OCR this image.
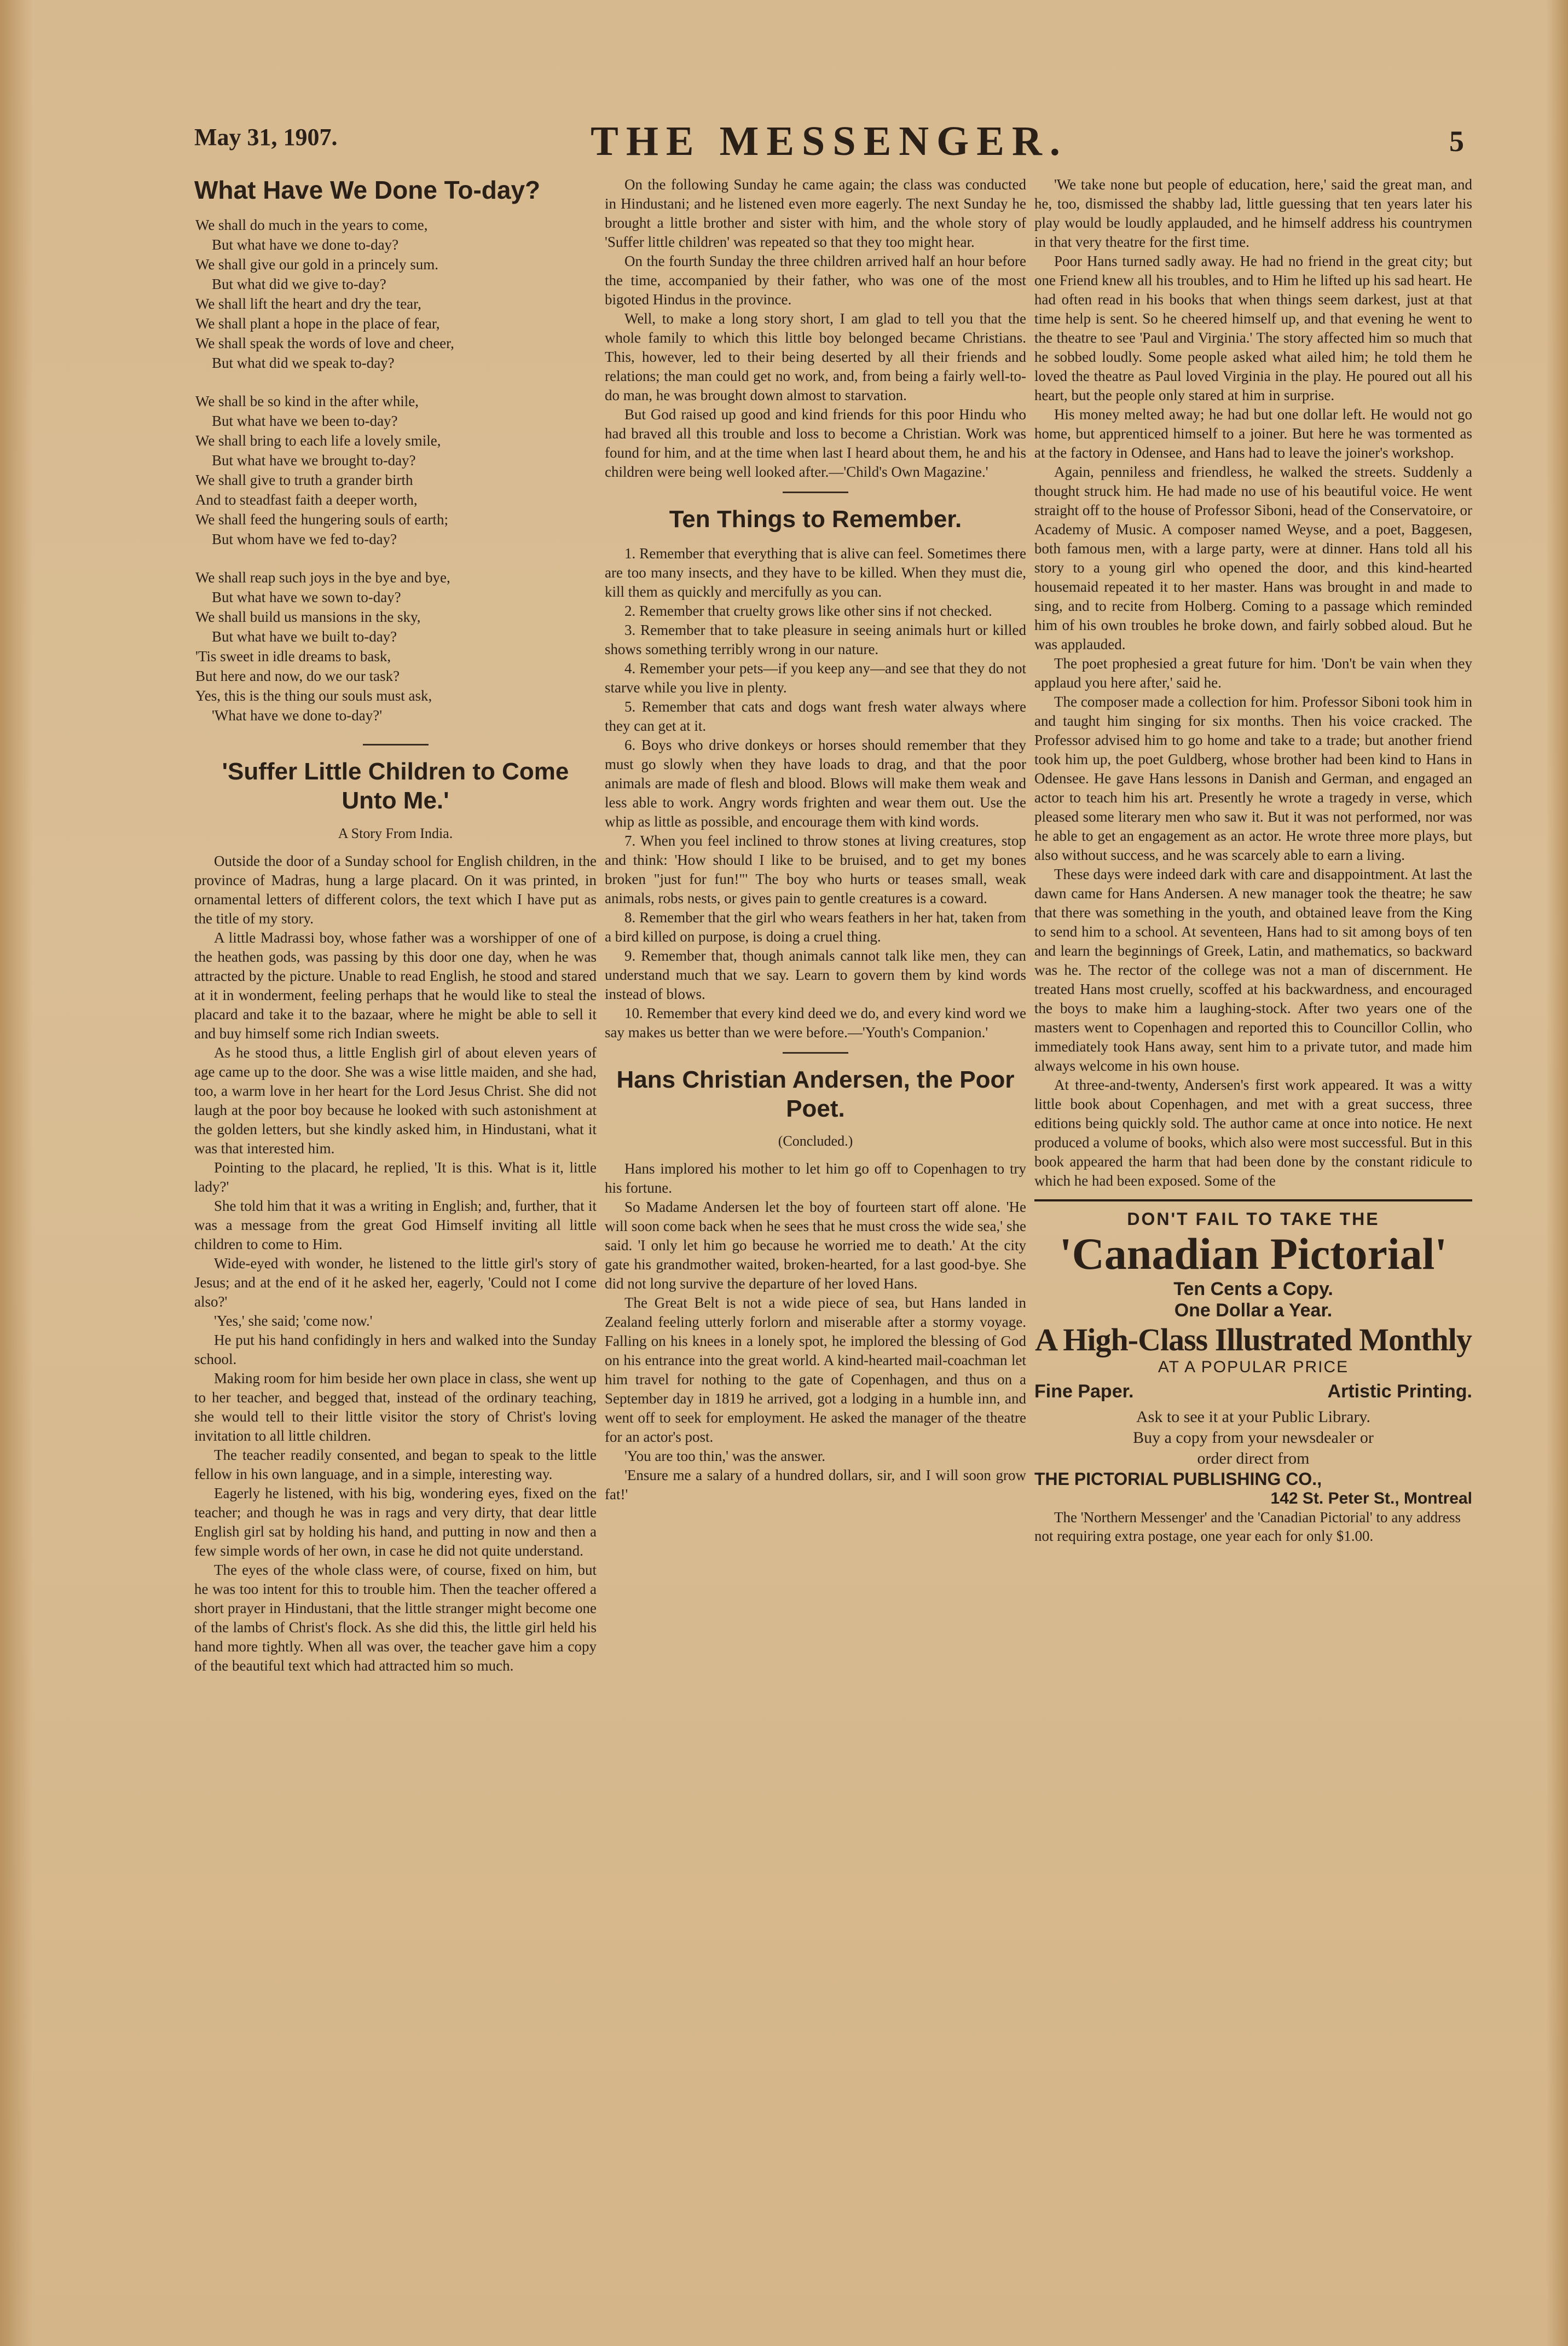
May 31, 1907.	THE MESSENGER.	5
What Have We Done To-day?
We shall do much in the years to come,
But what have we done to-day?
We shall give our gold in a princely sum.
But what did we give to-day?
We shall lift the heart and dry the tear,
We shall plant a hope in the place of fear,
We shall speak the words of love and cheer,
But what did we speak to-day?
We shall be so kind in the after while,
But what have we been to-day?
We shall bring to each life a lovely smile,
But what have we brought to-day?
We shall give to truth a grander birth
And to steadfast faith a deeper worth,
We shall feed the hungering souls of earth;
But whom have we fed to-day?
We shall reap such joys in the bye and bye,
But what have we sown to-day?
We shall build us mansions in the sky,
But what have we built to-day?
'Tis sweet in idle dreams to bask,
But here and now, do we our task?
Yes, this is the thing our souls must ask,
'What have we done to-day?'
'Suffer Little Children to Come Unto Me.'
A Story From India.

Outside the door of a Sunday school for English children, in the province of Madras, hung a large placard. On it was printed, in ornamental letters of different colors, the text which I have put as the title of my story.

A little Madrassi boy, whose father was a worshipper of one of the heathen gods, was passing by this door one day, when he was attracted by the picture. Unable to read English, he stood and stared at it in wonderment, feeling perhaps that he would like to steal the placard and take it to the bazaar, where he might be able to sell it and buy himself some rich Indian sweets.

As he stood thus, a little English girl of about eleven years of age came up to the door. She was a wise little maiden, and she had, too, a warm love in her heart for the Lord Jesus Christ. She did not laugh at the poor boy because he looked with such astonishment at the golden letters, but she kindly asked him, in Hindustani, what it was that interested him.

Pointing to the placard, he replied, 'It is this. What is it, little lady?'

She told him that it was a writing in English; and, further, that it was a message from the great God Himself inviting all little children to come to Him.

Wide-eyed with wonder, he listened to the little girl's story of Jesus; and at the end of it he asked her, eagerly, 'Could not I come also?'

'Yes,' she said; 'come now.'

He put his hand confidingly in hers and walked into the Sunday school.

Making room for him beside her own place in class, she went up to her teacher, and begged that, instead of the ordinary teaching, she would tell to their little visitor the story of Christ's loving invitation to all little children.

The teacher readily consented, and began to speak to the little fellow in his own language, and in a simple, interesting way.

Eagerly he listened, with his big, wondering eyes, fixed on the teacher; and though he was in rags and very dirty, that dear little English girl sat by holding his hand, and putting in now and then a few simple words of her own, in case he did not quite understand.

The eyes of the whole class were, of course, fixed on him, but he was too intent for this to trouble him. Then the teacher offered a short prayer in Hindustani, that the little stranger might become one of the lambs of Christ's flock. As she did this, the little girl held his hand more tightly. When all was over, the teacher gave him a copy of the beautiful text which had attracted him so much.

On the following Sunday he came again; the class was conducted in Hindustani; and he listened even more eagerly. The next Sunday he brought a little brother and sister with him, and the whole story of 'Suffer little children' was repeated so that they too might hear.

On the fourth Sunday the three children arrived half an hour before the time, accompanied by their father, who was one of the most bigoted Hindus in the province.

Well, to make a long story short, I am glad to tell you that the whole family to which this little boy belonged became Christians. This, however, led to their being deserted by all their friends and relations; the man could get no work, and, from being a fairly well-to-do man, he was brought down almost to starvation.

But God raised up good and kind friends for this poor Hindu who had braved all this trouble and loss to become a Christian. Work was found for him, and at the time when last I heard about them, he and his children were being well looked after.—'Child's Own Magazine.'

Ten Things to Remember.

1. Remember that everything that is alive can feel. Sometimes there are too many insects, and they have to be killed. When they must die, kill them as quickly and mercifully as you can.

2. Remember that cruelty grows like other sins if not checked.

3. Remember that to take pleasure in seeing animals hurt or killed shows something terribly wrong in our nature.

4. Remember your pets—if you keep any—and see that they do not starve while you live in plenty.

5. Remember that cats and dogs want fresh water always where they can get at it.

6. Boys who drive donkeys or horses should remember that they must go slowly when they have loads to drag, and that the poor animals are made of flesh and blood. Blows will make them weak and less able to work. Angry words frighten and wear them out. Use the whip as little as possible, and encourage them with kind words.

7. When you feel inclined to throw stones at living creatures, stop and think: 'How should I like to be bruised, and to get my bones broken "just for fun!"' The boy who hurts or teases small, weak animals, robs nests, or gives pain to gentle creatures is a coward.

8. Remember that the girl who wears feathers in her hat, taken from a bird killed on purpose, is doing a cruel thing.

9. Remember that, though animals cannot talk like men, they can understand much that we say. Learn to govern them by kind words instead of blows.

10. Remember that every kind deed we do, and every kind word we say makes us better than we were before.—'Youth's Companion.'

Hans Christian Andersen, the Poor Poet.
(Concluded.)

Hans implored his mother to let him go off to Copenhagen to try his fortune.

So Madame Andersen let the boy of fourteen start off alone. 'He will soon come back when he sees that he must cross the wide sea,' she said. 'I only let him go because he worried me to death.' At the city gate his grandmother waited, broken-hearted, for a last good-bye. She did not long survive the departure of her loved Hans.

The Great Belt is not a wide piece of sea, but Hans landed in Zealand feeling utterly forlorn and miserable after a stormy voyage. Falling on his knees in a lonely spot, he implored the blessing of God on his entrance into the great world. A kind-hearted mail-coachman let him travel for nothing to the gate of Copenhagen, and thus on a September day in 1819 he arrived, got a lodging in a humble inn, and went off to seek for employment. He asked the manager of the theatre for an actor's post.

'You are too thin,' was the answer.

'Ensure me a salary of a hundred dollars, sir, and I will soon grow fat!'

'We take none but people of education, here,' said the great man, and he, too, dismissed the shabby lad, little guessing that ten years later his play would be loudly applauded, and he himself address his countrymen in that very theatre for the first time.

Poor Hans turned sadly away. He had no friend in the great city; but one Friend knew all his troubles, and to Him he lifted up his sad heart. He had often read in his books that when things seem darkest, just at that time help is sent. So he cheered himself up, and that evening he went to the theatre to see 'Paul and Virginia.' The story affected him so much that he sobbed loudly. Some people asked what ailed him; he told them he loved the theatre as Paul loved Virginia in the play. He poured out all his heart, but the people only stared at him in surprise.

His money melted away; he had but one dollar left. He would not go home, but apprenticed himself to a joiner. But here he was tormented as at the factory in Odensee, and Hans had to leave the joiner's workshop.

Again, penniless and friendless, he walked the streets. Suddenly a thought struck him. He had made no use of his beautiful voice. He went straight off to the house of Professor Siboni, head of the Conservatoire, or Academy of Music. A composer named Weyse, and a poet, Baggesen, both famous men, with a large party, were at dinner. Hans told all his story to a young girl who opened the door, and this kind-hearted housemaid repeated it to her master. Hans was brought in and made to sing, and to recite from Holberg. Coming to a passage which reminded him of his own troubles he broke down, and fairly sobbed aloud. But he was applauded.

The poet prophesied a great future for him. 'Don't be vain when they applaud you here after,' said he.

The composer made a collection for him. Professor Siboni took him in and taught him singing for six months. Then his voice cracked. The Professor advised him to go home and take to a trade; but another friend took him up, the poet Guldberg, whose brother had been kind to Hans in Odensee. He gave Hans lessons in Danish and German, and engaged an actor to teach him his art. Presently he wrote a tragedy in verse, which pleased some literary men who saw it. But it was not performed, nor was he able to get an engagement as an actor. He wrote three more plays, but also without success, and he was scarcely able to earn a living.

These days were indeed dark with care and disappointment. At last the dawn came for Hans Andersen. A new manager took the theatre; he saw that there was something in the youth, and obtained leave from the King to send him to a school. At seventeen, Hans had to sit among boys of ten and learn the beginnings of Greek, Latin, and mathematics, so backward was he. The rector of the college was not a man of discernment. He treated Hans most cruelly, scoffed at his backwardness, and encouraged the boys to make him a laughing-stock. After two years one of the masters went to Copenhagen and reported this to Councillor Collin, who immediately took Hans away, sent him to a private tutor, and made him always welcome in his own house.

At three-and-twenty, Andersen's first work appeared. It was a witty little book about Copenhagen, and met with a great success, three editions being quickly sold. The author came at once into notice. He next produced a volume of books, which also were most successful. But in this book appeared the harm that had been done by the constant ridicule to which he had been exposed. Some of the

DON'T FAIL TO TAKE THE
'Canadian Pictorial'
Ten Cents a Copy.
One Dollar a Year.
A High-Class Illustrated Monthly
AT A POPULAR PRICE
Fine Paper.	Artistic Printing.
Ask to see it at your Public Library.
Buy a copy from your newsdealer or
order direct from
THE PICTORIAL PUBLISHING CO.,
142 St. Peter St., Montreal

The 'Northern Messenger' and the 'Canadian Pictorial' to any address not requiring extra postage, one year each for only $1.00.
